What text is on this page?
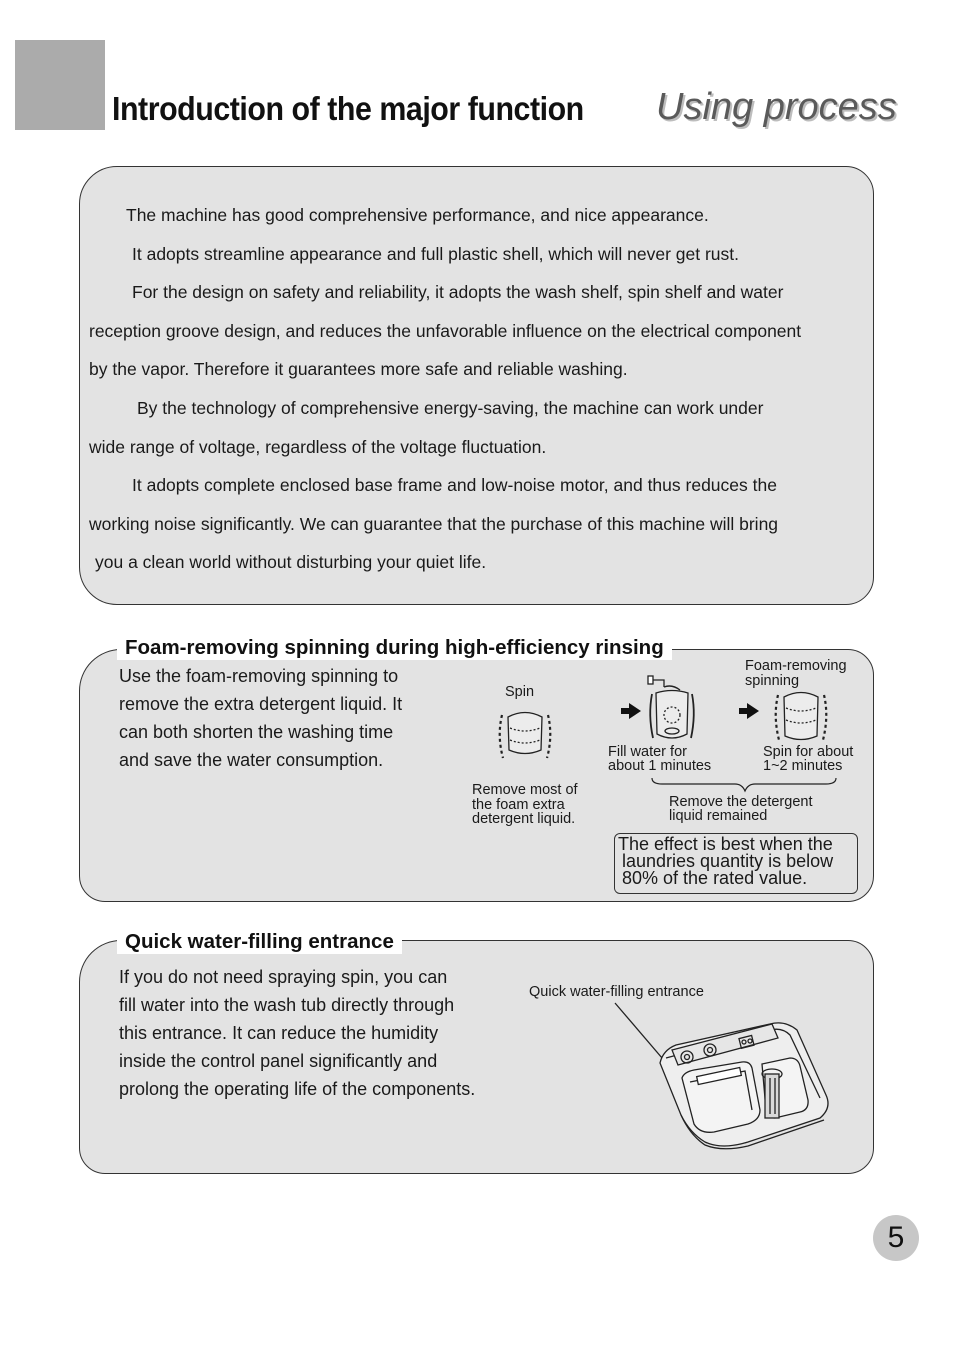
Introduction of the major function Using process
The machine has good comprehensive performance, and nice appearance.
It adopts streamline appearance and full plastic shell, which will never get rust.
For the design on safety and reliability, it adopts the wash shelf, spin shelf and water
reception groove design, and reduces the unfavorable influence on the electrical component
by the vapor. Therefore it guarantees more safe and reliable washing.
By the technology of comprehensive energy-saving, the machine can work under
wide range of voltage, regardless of the voltage fluctuation.
It adopts complete enclosed base frame and low-noise motor, and thus reduces the
working noise significantly. We can guarantee that the purchase of this machine will bring
you a clean world without disturbing your quiet life.
Foam-removing spinning during high-efficiency rinsing
Use the foam-removing spinning to
remove the extra detergent liquid. It
can both shorten the washing time
and save the water consumption.
Spin
Remove most of
the foam extra
detergent liquid.
Foam-removing
spinning
Fill water for
about 1 minutes
Spin for about
1~2 minutes
Remove the detergent
liquid remained
The effect is best when the
laundries quantity is below
80% of the rated value.
Quick water-filling entrance
If you do not need spraying spin, you can
fill water into the wash tub directly through
this entrance. It can reduce the humidity
inside the control panel significantly and
prolong the operating life of the components.
Quick water-filling entrance
5
